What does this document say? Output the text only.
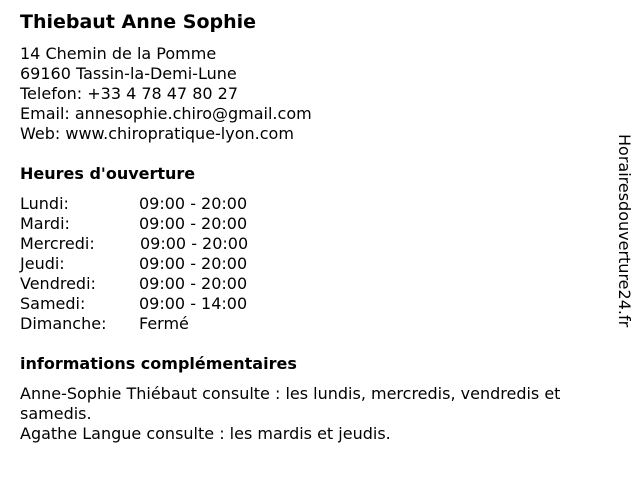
Thiebaut Anne Sophie
14 Chemin de la Pomme
69160 Tassin-la-Demi-Lune
Telefon: +33 4 78 47 80 27
Email: annesophie.chiro@gmail.com
Web: www.chiropratique-lyon.com
Heures d'ouverture
Lundi:	09:00 - 20:00
Mardi:	09:00 - 20:00
Mercredi:	09:00 - 20:00
Jeudi:	09:00 - 20:00
Vendredi:	09:00 - 20:00
Samedi:	09:00 - 14:00
Dimanche: Fermé
informations complémentaires
Anne-Sophie Thiébaut consulte : les lundis, mercredis, vendredis et samedis.
Agathe Langue consulte : les mardis et jeudis.
Horairesdouverture24.fr
